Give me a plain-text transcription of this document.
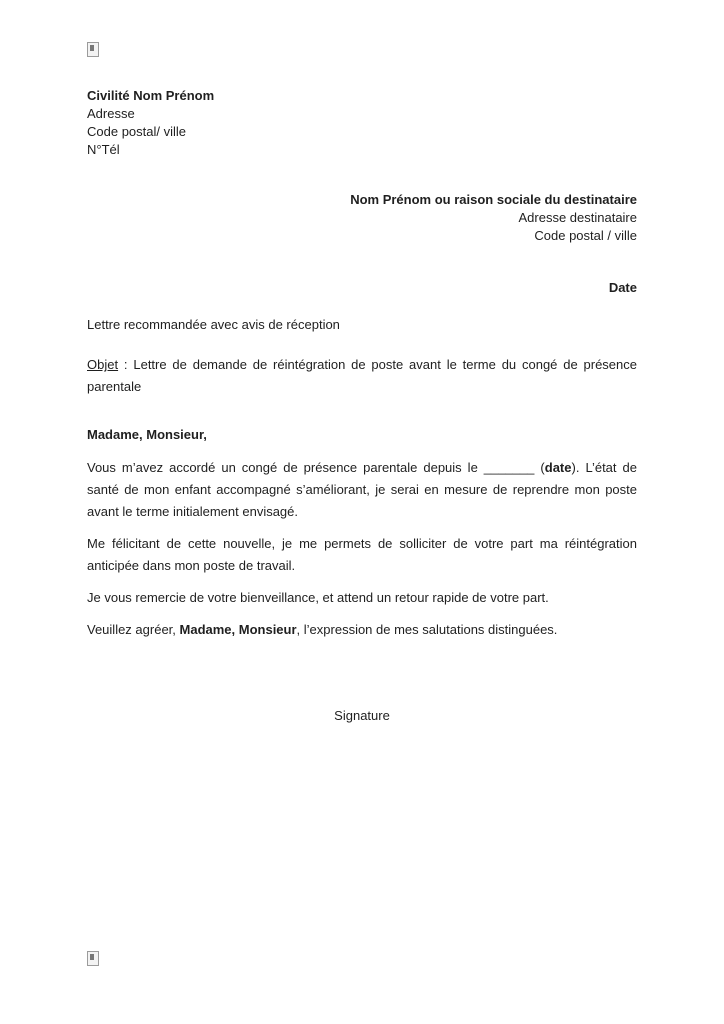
Civilité Nom Prénom
Adresse
Code postal/ ville
N°Tél
Nom Prénom ou raison sociale du destinataire
Adresse destinataire
Code postal / ville
Date
Lettre recommandée avec avis de réception

Objet : Lettre de demande de réintégration de poste avant le terme du congé de présence parentale

Madame, Monsieur,

Vous m’avez accordé un congé de présence parentale depuis le _______ (date). L’état de santé de mon enfant accompagné s’améliorant, je serai en mesure de reprendre mon poste avant le terme initialement envisagé.

Me félicitant de cette nouvelle, je me permets de solliciter de votre part ma réintégration anticipée dans mon poste de travail.

Je vous remercie de votre bienveillance, et attend un retour rapide de votre part.

Veuillez agréer, Madame, Monsieur, l’expression de mes salutations distinguées.

Signature
